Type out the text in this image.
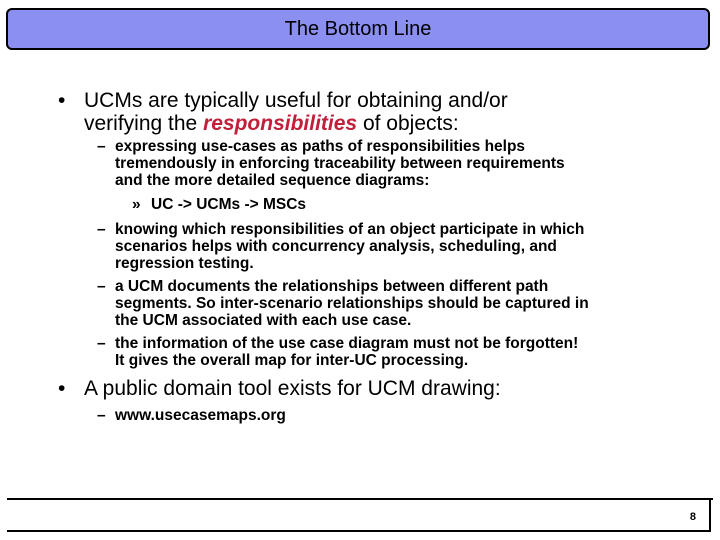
The Bottom Line
• UCMs are typically useful for obtaining and/or
verifying the responsibilities of objects:
– expressing use-cases as paths of responsibilities helps
tremendously in enforcing traceability between requirements
and the more detailed sequence diagrams:
» UC -> UCMs -> MSCs
– knowing which responsibilities of an object participate in which
scenarios helps with concurrency analysis, scheduling, and
regression testing.
– a UCM documents the relationships between different path
segments. So inter-scenario relationships should be captured in
the UCM associated with each use case.
– the information of the use case diagram must not be forgotten!
It gives the overall map for inter-UC processing.
• A public domain tool exists for UCM drawing:
– www.usecasemaps.org
8
